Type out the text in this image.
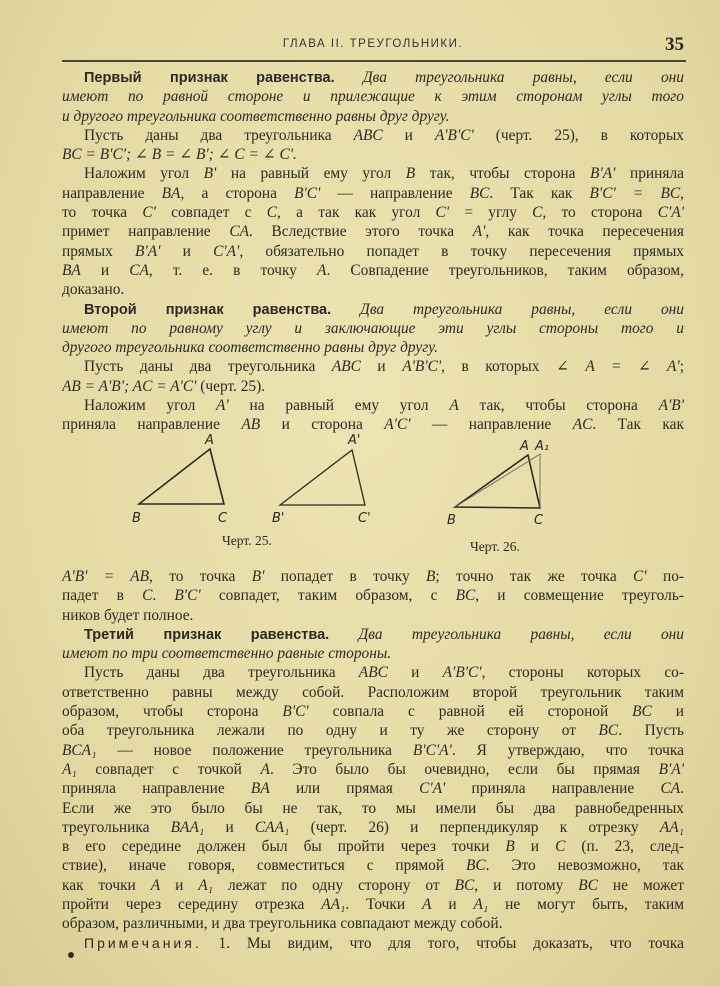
ГЛАВА II. ТРЕУГОЛЬНИКИ.	35
Первый признак равенства. Два треугольника равны, если они
имеют по равной стороне и прилежащие к этим сторонам углы того
и другого треугольника соответственно равны друг другу.
Пусть даны два треугольника ABC и A'B'C' (черт. 25), в которых
BC = B'C'; ∠ B = ∠ B'; ∠ C = ∠ C'.
Наложим угол B' на равный ему угол B так, чтобы сторона B'A' приняла
направление BA, а сторона B'C' — направление BC. Так как B'C' = BC,
то точка C' совпадет с C, а так как угол C' = углу C, то сторона C'A'
примет направление CA. Вследствие этого точка A', как точка пересечения
прямых B'A' и C'A', обязательно попадет в точку пересечения прямых
BA и CA, т. е. в точку A. Совпадение треугольников, таким образом,
доказано.
Второй признак равенства. Два треугольника равны, если они
имеют по равному углу и заключающие эти углы стороны того и
другого треугольника соответственно равны друг другу.
Пусть даны два треугольника ABC и A'B'C', в которых ∠ A = ∠ A';
AB = A'B'; AC = A'C' (черт. 25).
Наложим угол A' на равный ему угол A так, чтобы сторона A'B'
приняла направление AB и сторона A'C' — направление AC. Так как
A
B	C
A'
B'	C'
A A₁
B	C
Черт. 25.	Черт. 26.
A'B' = AB, то точка B' попадет в точку B; точно так же точка C' по-
падет в C. B'C' совпадет, таким образом, с BC, и совмещение треуголь-
ников будет полное.
Третий признак равенства. Два треугольника равны, если они
имеют по три соответственно равные стороны.
Пусть даны два треугольника ABC и A'B'C', стороны которых со-
ответственно равны между собой. Расположим второй треугольник таким
образом, чтобы сторона B'C' совпала с равной ей стороной BC и
оба треугольника лежали по одну и ту же сторону от BC. Пусть
BCA₁ — новое положение треугольника B'C'A'. Я утверждаю, что точка
A₁ совпадет с точкой A. Это было бы очевидно, если бы прямая B'A'
приняла направление BA или прямая C'A' приняла направление CA.
Если же это было бы не так, то мы имели бы два равнобедренных
треугольника BAA₁ и CAA₁ (черт. 26) и перпендикуляр к отрезку AA₁
в его середине должен был бы пройти через точки B и C (п. 23, след-
ствие), иначе говоря, совместиться с прямой BC. Это невозможно, так
как точки A и A₁ лежат по одну сторону от BC, и потому BC не может
пройти через середину отрезка AA₁. Точки A и A₁ не могут быть, таким
образом, различными, и два треугольника совпадают между собой.
Примечания. 1. Мы видим, что для того, чтобы доказать, что точка
